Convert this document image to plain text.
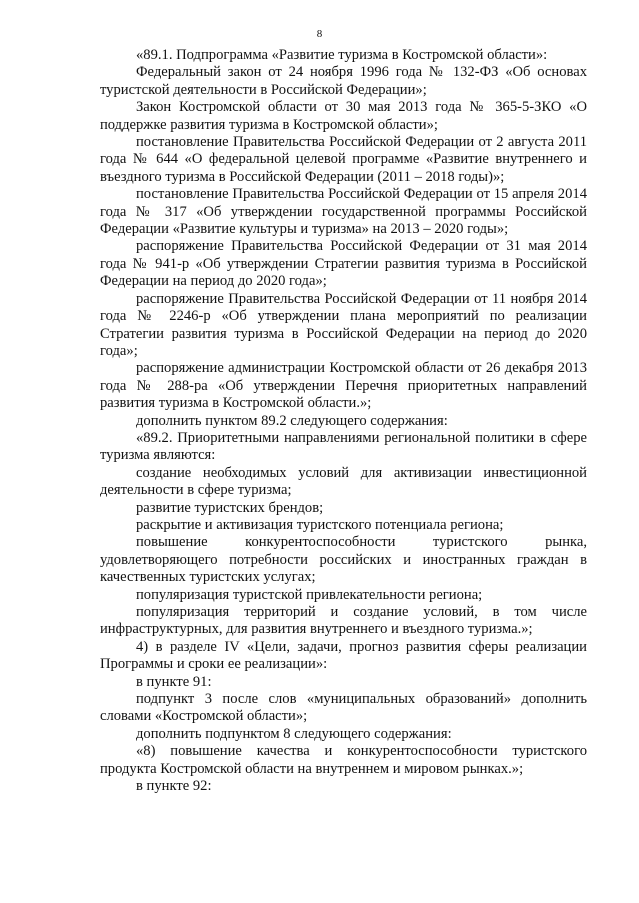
8

«89.1. Подпрограмма «Развитие туризма в Костромской области»:

Федеральный закон от 24 ноября 1996 года № 132-ФЗ «Об основах туристской деятельности в Российской Федерации»;

Закон Костромской области от 30 мая 2013 года № 365-5-ЗКО «О поддержке развития туризма в Костромской области»;

постановление Правительства Российской Федерации от 2 августа 2011 года № 644 «О федеральной целевой программе «Развитие внутреннего и въездного туризма в Российской Федерации (2011 – 2018 годы)»;

постановление Правительства Российской Федерации от 15 апреля 2014 года № 317 «Об утверждении государственной программы Российской Федерации «Развитие культуры и туризма» на 2013 – 2020 годы»;

распоряжение Правительства Российской Федерации от 31 мая 2014 года № 941-р «Об утверждении Стратегии развития туризма в Российской Федерации на период до 2020 года»;

распоряжение Правительства Российской Федерации от 11 ноября 2014 года № 2246-р «Об утверждении плана мероприятий по реализации Стратегии развития туризма в Российской Федерации на период до 2020 года»;

распоряжение администрации Костромской области от 26 декабря 2013 года № 288-ра «Об утверждении Перечня приоритетных направлений развития туризма в Костромской области.»;

дополнить пунктом 89.2 следующего содержания:

«89.2. Приоритетными направлениями региональной политики в сфере туризма являются:

создание необходимых условий для активизации инвестиционной деятельности в сфере туризма;

развитие туристских брендов;

раскрытие и активизация туристского потенциала региона;

повышение конкурентоспособности туристского рынка, удовлетворяющего потребности российских и иностранных граждан в качественных туристских услугах;

популяризация туристской привлекательности региона;

популяризация территорий и создание условий, в том числе инфраструктурных, для развития внутреннего и въездного туризма.»;

4) в разделе IV «Цели, задачи, прогноз развития сферы реализации Программы и сроки ее реализации»:

в пункте 91:

подпункт 3 после слов «муниципальных образований» дополнить словами «Костромской области»;

дополнить подпунктом 8 следующего содержания:

«8) повышение качества и конкурентоспособности туристского продукта Костромской области на внутреннем и мировом рынках.»;

в пункте 92:
